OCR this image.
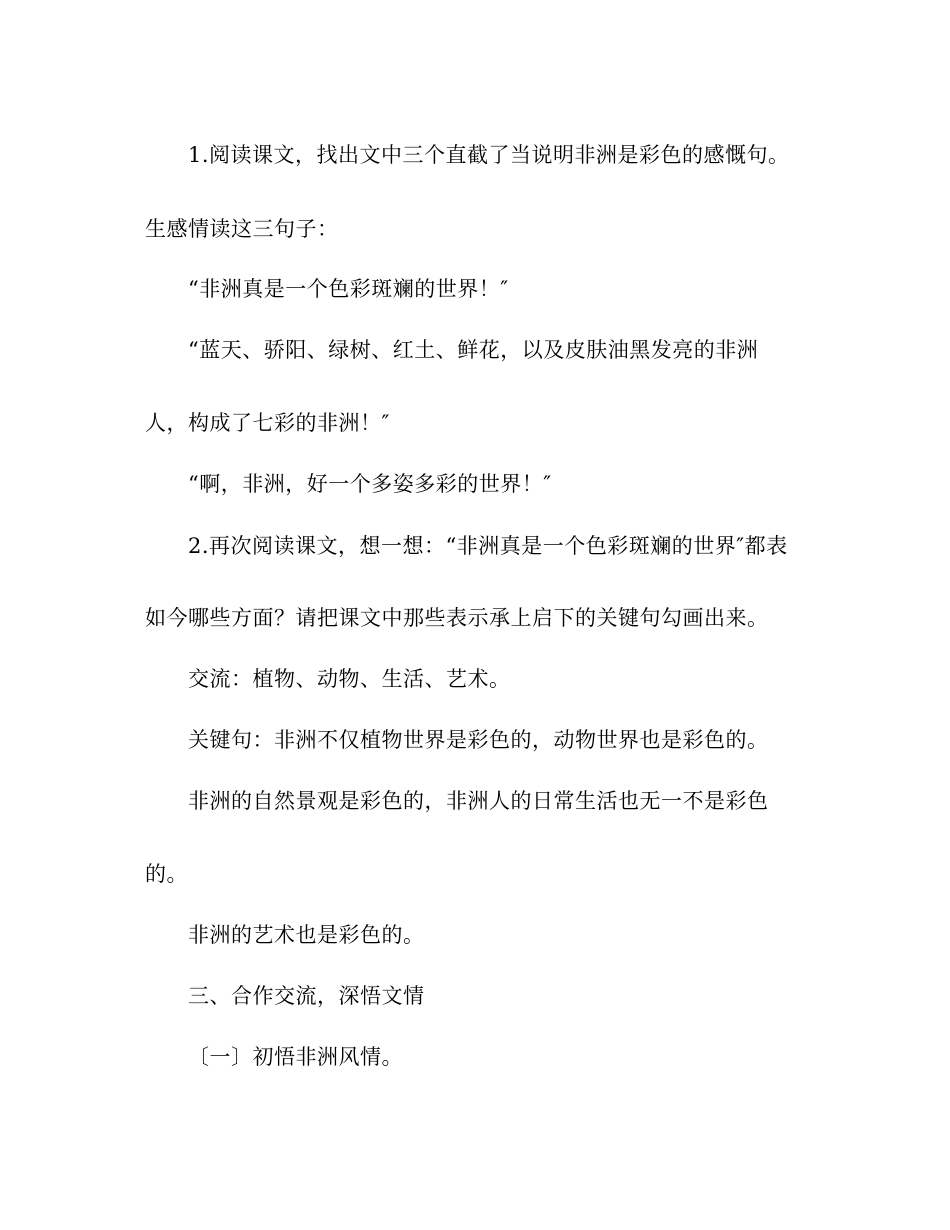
1.阅读课文，找出文中三个直截了当说明非洲是彩色的感慨句。
生感情读这三句子：
“非洲真是一个色彩斑斓的世界！″
“蓝天、骄阳、绿树、红土、鲜花，以及皮肤油黑发亮的非洲
人，构成了七彩的非洲！″
“啊，非洲，好一个多姿多彩的世界！″
2.再次阅读课文，想一想：“非洲真是一个色彩斑斓的世界″都表
如今哪些方面？请把课文中那些表示承上启下的关键句勾画出来。
交流：植物、动物、生活、艺术。
关键句：非洲不仅植物世界是彩色的，动物世界也是彩色的。
非洲的自然景观是彩色的，非洲人的日常生活也无一不是彩色
的。
非洲的艺术也是彩色的。
三、合作交流，深悟文情
〔一〕初悟非洲风情。
